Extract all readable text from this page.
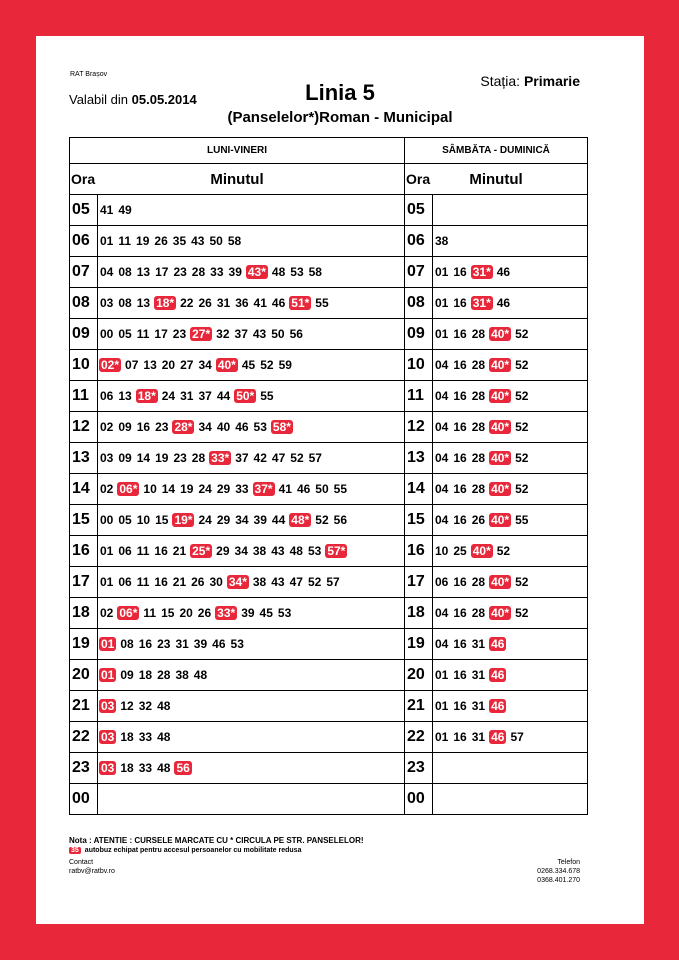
RAT Brașov
Valabil din 05.05.2014	Linia 5
(Panselelor*)Roman - Municipal
Stația: Primarie
LUNI-VINERI		SÂMBĂTA - DUMINICĂ	

Ora Minutul		Ora Minutul	

05	41 49	05	
06	01 11 19 26 35 43 50 58	06	38
07	04 08 13 17 23 28 33 39 43* 48 53 58	07	01 16 31* 46
08	03 08 13 18* 22 26 31 36 41 46 51* 55	08	01 16 31* 46
09	00 05 11 17 23 27* 32 37 43 50 56	09	01 16 28 40* 52
10	02* 07 13 20 27 34 40* 45 52 59	10	04 16 28 40* 52
11	06 13 18* 24 31 37 44 50* 55	11	04 16 28 40* 52
12	02 09 16 23 28* 34 40 46 53 58*	12	04 16 28 40* 52
13	03 09 14 19 23 28 33* 37 42 47 52 57	13	04 16 28 40* 52
14	02 06* 10 14 19 24 29 33 37* 41 46 50 55	14	04 16 28 40* 52
15	00 05 10 15 19* 24 29 34 39 44 48* 52 56	15	04 16 26 40* 55
16	01 06 11 16 21 25* 29 34 38 43 48 53 57*	16	10 25 40* 52
17	01 06 11 16 21 26 30 34* 38 43 47 52 57	17	06 16 28 40* 52
18	02 06* 11 15 20 26 33* 39 45 53	18	04 16 28 40* 52
19	01 08 16 23 31 39 46 53	19	04 16 31 46
20	01 09 18 28 38 48	20	01 16 31 46
21	03 12 32 48	21	01 16 31 46
22	03 18 33 48	22	01 16 31 46 57
23	03 18 33 48 56	23	
00		00	
Nota : ATENTIE : CURSELE MARCATE CU * CIRCULA PE STR. PANSELELOR!
35 autobuz echipat pentru accesul persoanelor cu mobilitate redusa
Contact
ratbv@ratbv.ro
Telefon
0268.334.678
0368.401.270
